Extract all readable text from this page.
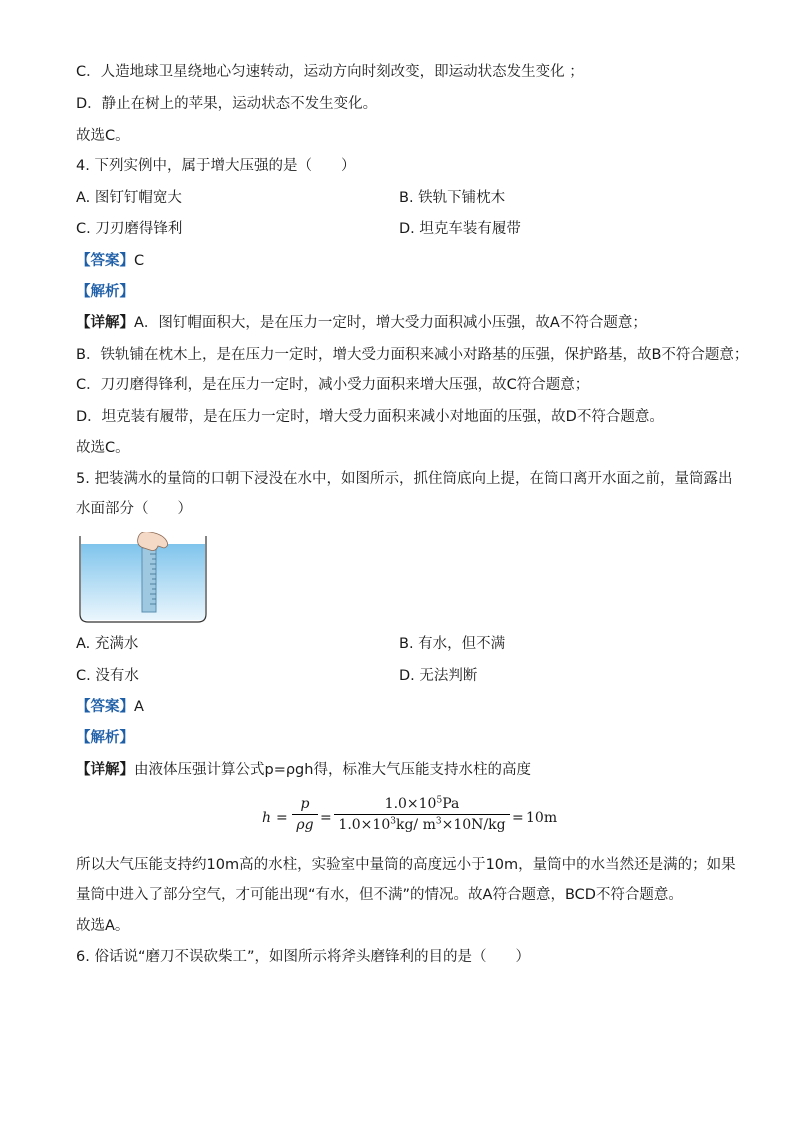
C．人造地球卫星绕地心匀速转动，运动方向时刻改变，即运动状态发生变化 ；
D．静止在树上的苹果，运动状态不发生变化。
故选C。
4. 下列实例中，属于增大压强的是（　　）
A. 图钉钉帽宽大	B. 铁轨下铺枕木
C. 刀刃磨得锋利	D. 坦克车装有履带
【答案】C
【解析】
【详解】A．图钉帽面积大，是在压力一定时，增大受力面积减小压强，故A不符合题意；
B．铁轨铺在枕木上，是在压力一定时，增大受力面积来减小对路基的压强，保护路基，故B不符合题意；
C．刀刃磨得锋利，是在压力一定时，减小受力面积来增大压强，故C符合题意；
D．坦克装有履带，是在压力一定时，增大受力面积来减小对地面的压强，故D不符合题意。
故选C。
5. 把装满水的量筒的口朝下浸没在水中，如图所示，抓住筒底向上提，在筒口离开水面之前，量筒露出
水面部分（　　）
A. 充满水	B. 有水，但不满
C. 没有水	D. 无法判断
【答案】A
【解析】
【详解】由液体压强计算公式p=ρgh得，标准大气压能支持水柱的高度
h =
p
ρg =
$1.0\times 10^5Pa$
$1.0\times 10^3kg/$ $m^3\times 10N/kg = 10m$
所以大气压能支持约10m高的水柱，实验室中量筒的高度远小于10m，量筒中的水当然还是满的；如果
量筒中进入了部分空气，才可能出现“有水，但不满”的情况。故A符合题意，BCD不符合题意。
故选A。
6. 俗话说“磨刀不误砍柴工”，如图所示将斧头磨锋利的目的是（　　）
